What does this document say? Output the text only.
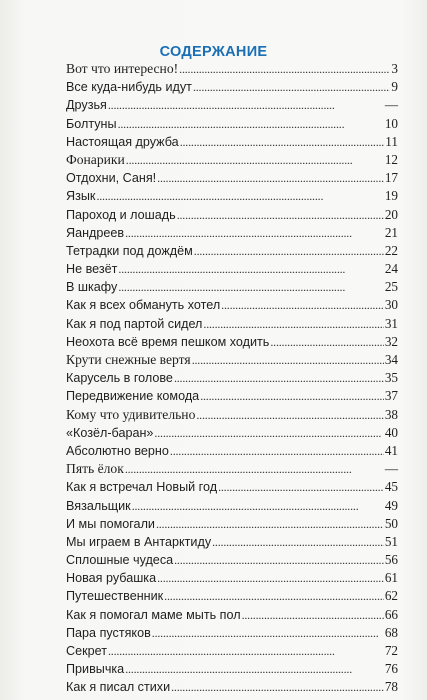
СОДЕРЖАНИЕ
Вот что интересно! . . .	3
Все куда-нибудь идут . . .	9
Друзья . . .	—
Болтуны . . .	10
Настоящая дружба . . .	11
Фонарики . . .	12
Отдохни, Саня! . . .	17
Язык . . .	19
Пароход и лошадь . . .	20
Яандреев . . .	21
Тетрадки под дождём . . .	22
Не везёт . . .	24
В шкафу . . .	25
Как я всех обмануть хотел . . .	30
Как я под партой сидел . . .	31
Неохота всё время пешком ходить . . .	32
Крути снежные вертя . . .	34
Карусель в голове . . .	35
Передвижение комода . . .	37
Кому что удивительно . . .	38
«Козёл-баран» . . .	40
Абсолютно верно . . .	41
Пять ёлок . . .	—
Как я встречал Новый год . . .	45
Вязальщик . . .	49
И мы помогали . . .	50
Мы играем в Антарктиду . . .	51
Сплошные чудеса . . .	56
Новая рубашка . . .	61
Путешественник . . .	62
Как я помогал маме мыть пол . . .	66
Пара пустяков . . .	68
Секрет . . .	72
Привычка . . .	76
Как я писал стихи . . .	78
